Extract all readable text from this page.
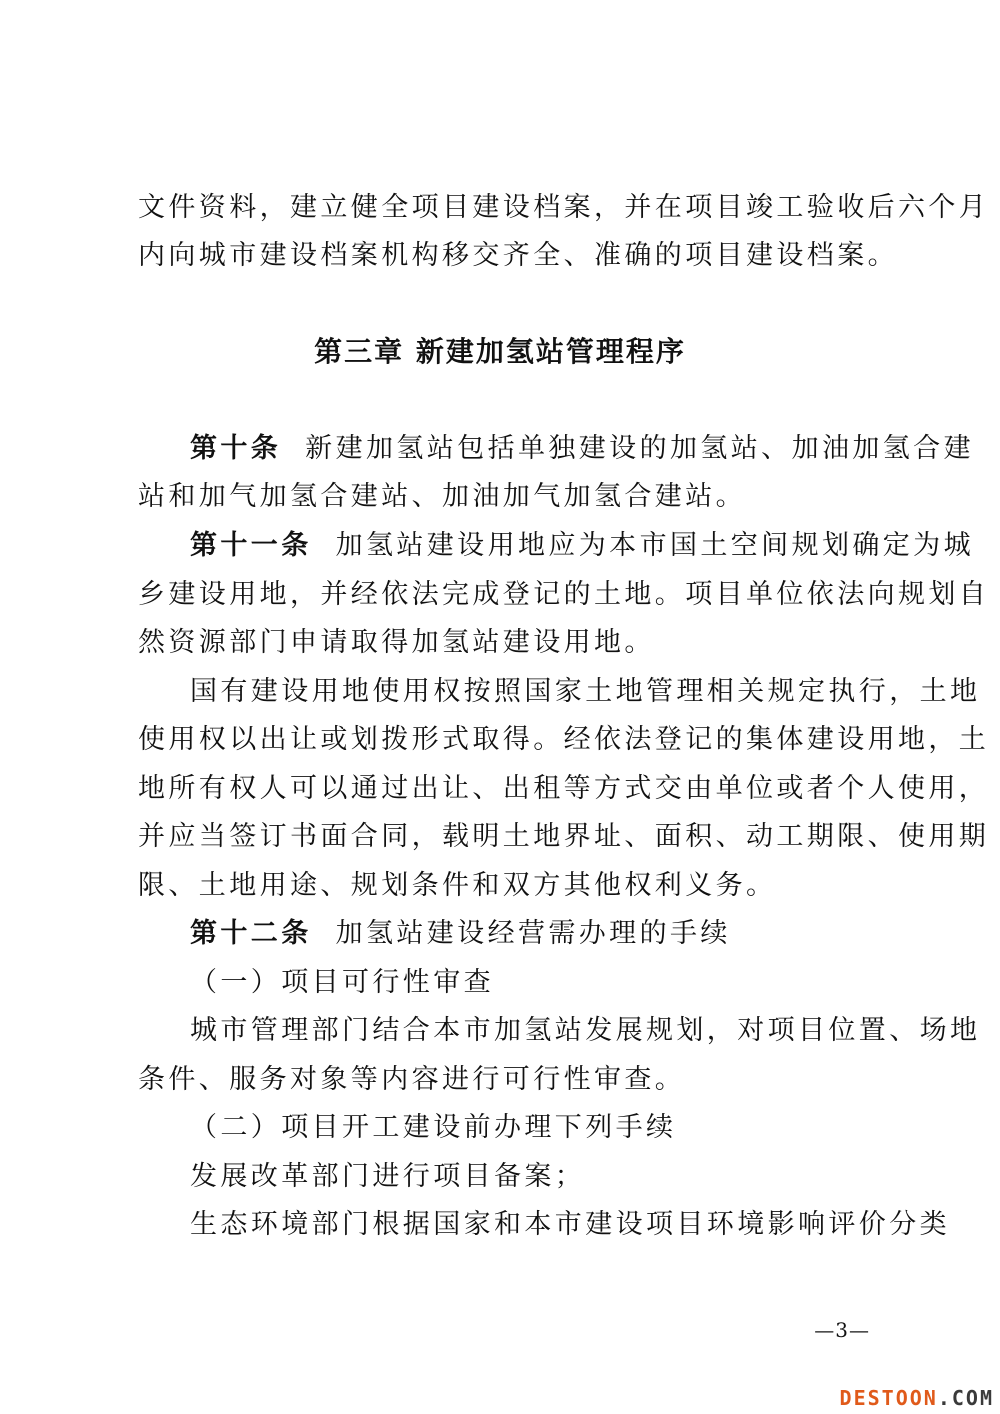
文件资料，建立健全项目建设档案，并在项目竣工验收后六个月
内向城市建设档案机构移交齐全、准确的项目建设档案。
第三章 新建加氢站管理程序
第十条 新建加氢站包括单独建设的加氢站、加油加氢合建
站和加气加氢合建站、加油加气加氢合建站。
第十一条 加氢站建设用地应为本市国土空间规划确定为城
乡建设用地，并经依法完成登记的土地。项目单位依法向规划自
然资源部门申请取得加氢站建设用地。
国有建设用地使用权按照国家土地管理相关规定执行，土地
使用权以出让或划拨形式取得。经依法登记的集体建设用地，土
地所有权人可以通过出让、出租等方式交由单位或者个人使用，
并应当签订书面合同，载明土地界址、面积、动工期限、使用期
限、土地用途、规划条件和双方其他权利义务。
第十二条 加氢站建设经营需办理的手续
（一）项目可行性审查
城市管理部门结合本市加氢站发展规划，对项目位置、场地
条件、服务对象等内容进行可行性审查。
（二）项目开工建设前办理下列手续
发展改革部门进行项目备案；
生态环境部门根据国家和本市建设项目环境影响评价分类
—3—
DESTOON.COM
